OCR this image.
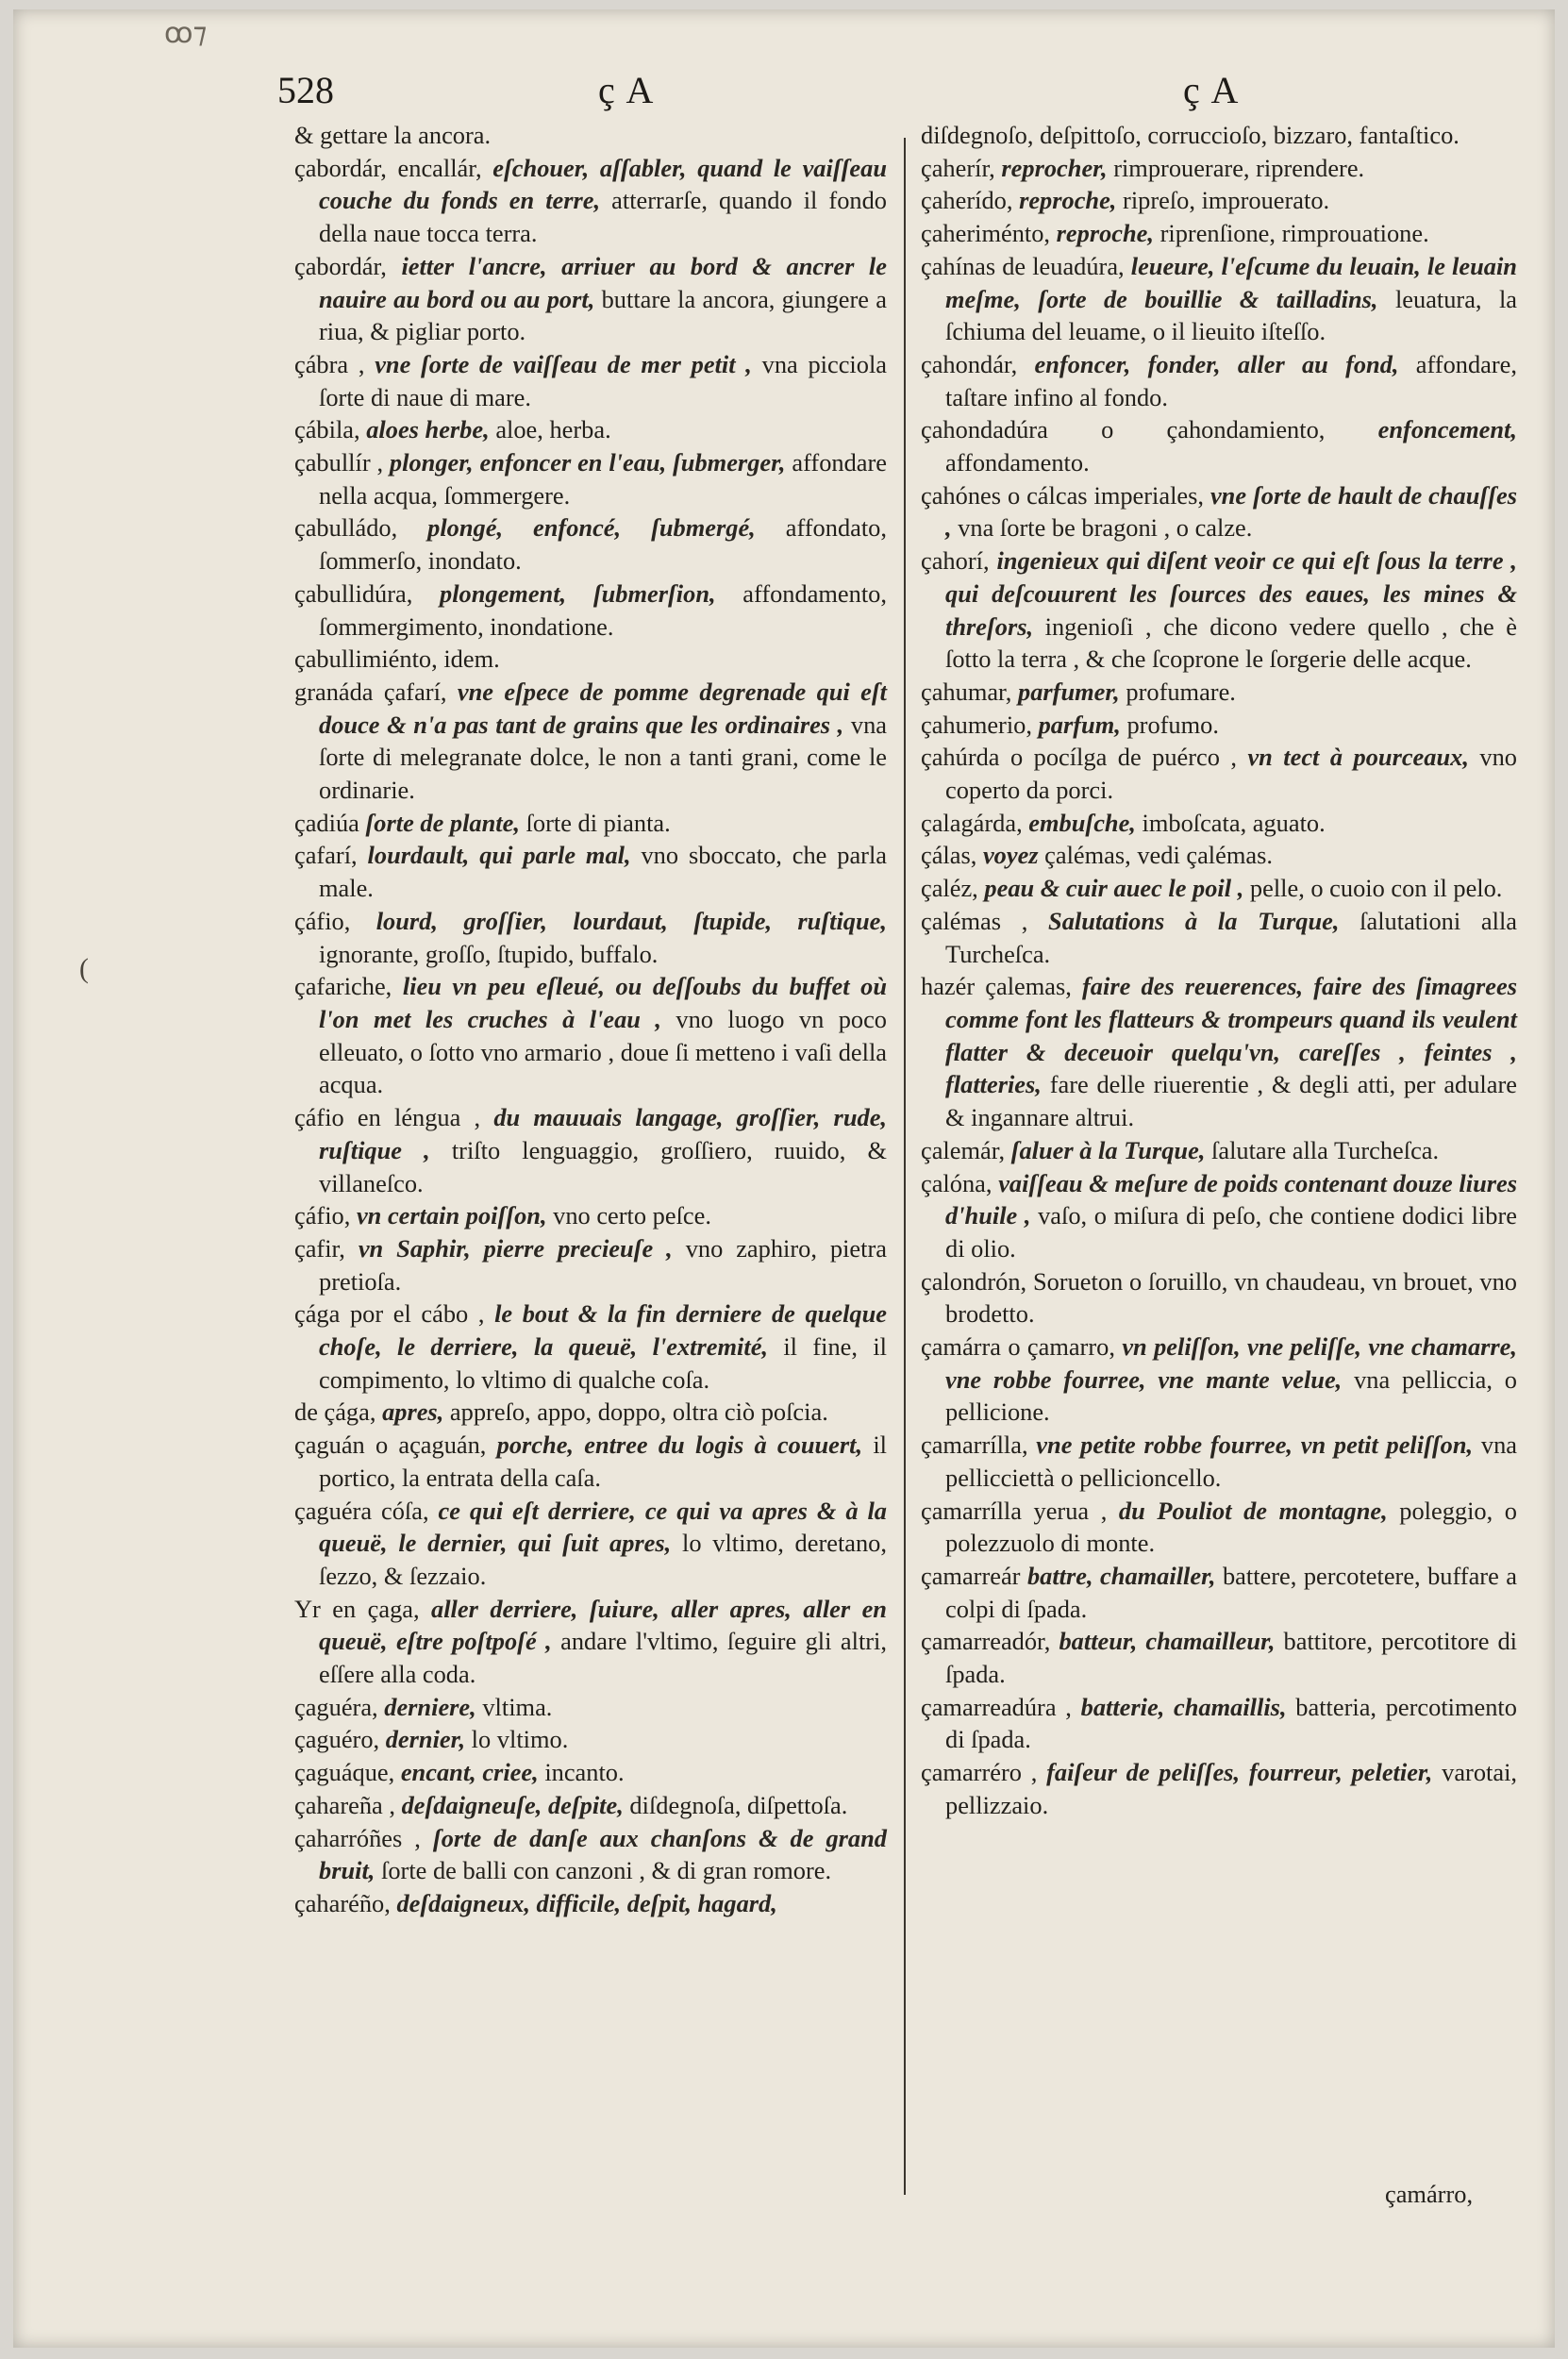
ꝏ⁊
528	ç A	ç A

& gettare la ancora.

çabordár, encallár, eſchouer, aſſabler, quand le vaiſſeau couche du fonds en terre, atterrarſe, quando il fondo della naue tocca terra.

çabordár, ietter l'ancre, arriuer au bord & ancrer le nauire au bord ou au port, buttare la ancora, giungere a riua, & pigliar porto.

çábra , vne ſorte de vaiſſeau de mer petit , vna picciola ſorte di naue di mare.

çábila, aloes herbe, aloe, herba.

çabullír , plonger, enfoncer en l'eau, ſubmerger, affondare nella acqua, ſommergere.

çabulládo, plongé, enfoncé, ſubmergé, affondato, ſommerſo, inondato.

çabullidúra, plongement, ſubmerſion, affondamento, ſommergimento, inondatione.

çabullimiénto, idem.

granáda çafarí, vne eſpece de pomme degrenade qui eſt douce & n'a pas tant de grains que les ordinaires , vna ſorte di melegranate dolce, le non a tanti grani, come le ordinarie.

çadiúa ſorte de plante, ſorte di pianta.

çafarí, lourdault, qui parle mal, vno sboccato, che parla male.

çáfio, lourd, groſſier, lourdaut, ſtupide, ruſtique, ignorante, groſſo, ſtupido, buffalo.

çafariche, lieu vn peu eſleué, ou deſſoubs du buffet où l'on met les cruches à l'eau , vno luogo vn poco elleuato, o ſotto vno armario , doue ſi metteno i vaſi della acqua.

çáfio en léngua , du mauuais langage, groſſier, rude, ruſtique , triſto lenguaggio, groſſiero, ruuido, & villaneſco.

çáfio, vn certain poiſſon, vno certo peſce.

çafir, vn Saphir, pierre precieuſe , vno zaphiro, pietra pretioſa.

çága por el cábo , le bout & la fin derniere de quelque choſe, le derriere, la queuë, l'extremité, il fine, il compimento, lo vltimo di qualche coſa.

de çága, apres, appreſo, appo, doppo, oltra ciò poſcia.

çaguán o açaguán, porche, entree du logis à couuert, il portico, la entrata della caſa.

çaguéra cóſa, ce qui eſt derriere, ce qui va apres & à la queuë, le dernier, qui ſuit apres, lo vltimo, deretano, ſezzo, & ſezzaio.

Yr en çaga, aller derriere, ſuiure, aller apres, aller en queuë, eſtre poſtpoſé , andare l'vltimo, ſeguire gli altri, eſſere alla coda.

çaguéra, derniere, vltima.

çaguéro, dernier, lo vltimo.

çaguáque, encant, criee, incanto.

çahareña , deſdaigneuſe, deſpite, diſdegnoſa, diſpettoſa.

çaharróñes , ſorte de danſe aux chanſons & de grand bruit, ſorte de balli con canzoni , & di gran romore.

çaharéño, deſdaigneux, difficile, deſpit, hagard,

diſdegnoſo, deſpittoſo, corruccioſo, bizzaro, fantaſtico.

çaherír, reprocher, rimprouerare, riprendere.

çaherído, reproche, ripreſo, improuerato.

çaheriménto, reproche, riprenſione, rimprouatione.

çahínas de leuadúra, leueure, l'eſcume du leuain, le leuain meſme, ſorte de bouillie & tailladins, leuatura, la ſchiuma del leuame, o il lieuito iſteſſo.

çahondár, enfoncer, fonder, aller au fond, affondare, taſtare infino al fondo.

çahondadúra o çahondamiento, enfoncement, affondamento.

çahónes o cálcas imperiales, vne ſorte de hault de chauſſes , vna ſorte be bragoni , o calze.

çahorí, ingenieux qui diſent veoir ce qui eſt ſous la terre , qui deſcouurent les ſources des eaues, les mines & threſors, ingenioſi , che dicono vedere quello , che è ſotto la terra , & che ſcoprone le ſorgerie delle acque.

çahumar, parfumer, profumare.

çahumerio, parfum, profumo.

çahúrda o pocílga de puérco , vn tect à pourceaux, vno coperto da porci.

çalagárda, embuſche, imboſcata, aguato.

çálas, voyez çalémas, vedi çalémas.

çaléz, peau & cuir auec le poil , pelle, o cuoio con il pelo.

çalémas , Salutations à la Turque, ſalutationi alla Turcheſca.

hazér çalemas, faire des reuerences, faire des ſimagrees comme font les flatteurs & trompeurs quand ils veulent flatter & deceuoir quelqu'vn, careſſes , feintes , flatteries, fare delle riuerentie , & degli atti, per adulare & ingannare altrui.

çalemár, ſaluer à la Turque, ſalutare alla Turcheſca.

çalóna, vaiſſeau & meſure de poids contenant douze liures d'huile , vaſo, o miſura di peſo, che contiene dodici libre di olio.

çalondrón, Sorueton o ſoruillo, vn chaudeau, vn brouet, vno brodetto.

çamárra o çamarro, vn peliſſon, vne peliſſe, vne chamarre, vne robbe fourree, vne mante velue, vna pelliccia, o pellicione.

çamarrílla, vne petite robbe fourree, vn petit peliſſon, vna pellicciettà o pellicioncello.

çamarrílla yerua , du Pouliot de montagne, poleggio, o polezzuolo di monte.

çamarreár battre, chamailler, battere, percotetere, buffare a colpi di ſpada.

çamarreadór, batteur, chamailleur, battitore, percotitore di ſpada.

çamarreadúra , batterie, chamaillis, batteria, percotimento di ſpada.

çamarréro , faiſeur de peliſſes, fourreur, peletier, varotai, pellizzaio.

çamárro,
(
